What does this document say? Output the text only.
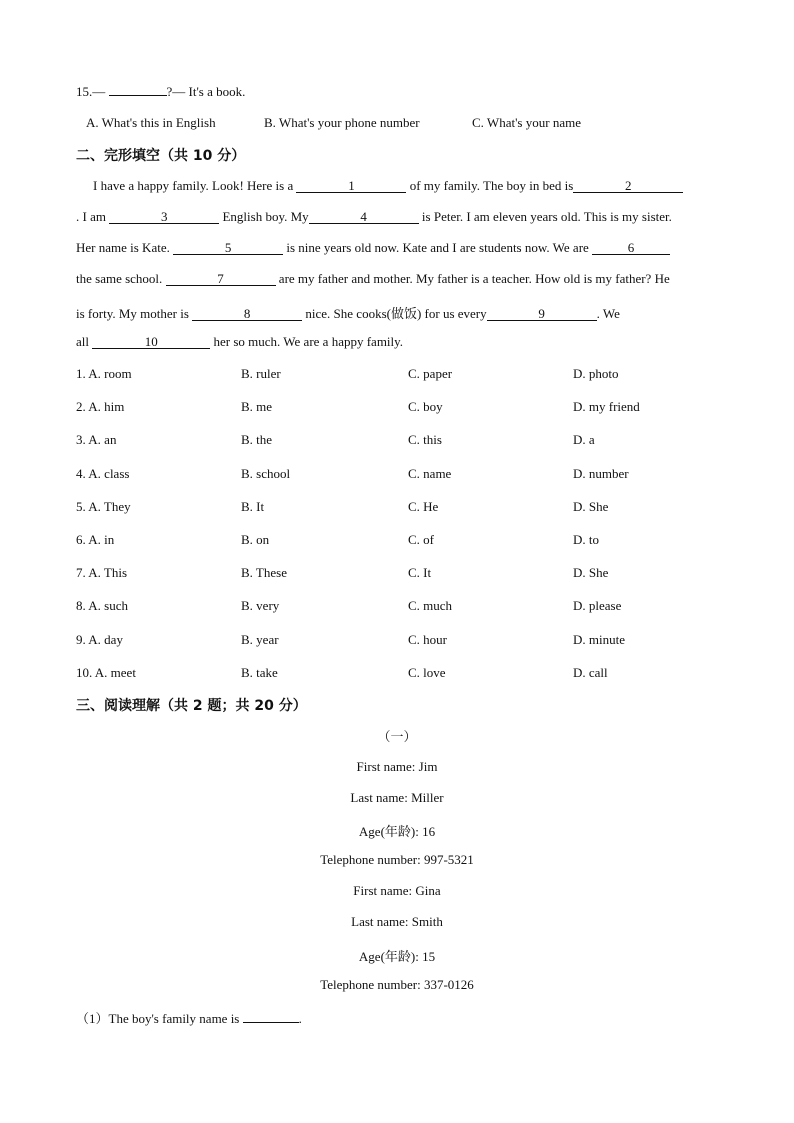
15.—	?— It's a book.
A. What's this in English	B. What's your phone number	C. What's your name
二、完形填空（共 10 分）
I have a happy family. Look! Here is a	1	of my family. The boy in bed is	2
. I am	3	English boy. My	4	is Peter. I am eleven years old. This is my sister.
Her name is Kate.	5	is nine years old now. Kate and I are students now. We are	6
the same school.	7	are my father and mother. My father is a teacher. How old is my father? He
is forty. My mother is	8	nice. She cooks(做饭) for us every	9	. We
all	10	her so much. We are a happy family.
1. A. room	B. ruler	C. paper	D. photo
2. A. him	B. me	C. boy	D. my friend
3. A. an	B. the	C. this	D. a
4. A. class	B. school	C. name	D. number
5. A. They	B. It	C. He	D. She
6. A. in	B. on	C. of	D. to
7. A. This	B. These	C. It	D. She
8. A. such	B. very	C. much	D. please
9. A. day	B. year	C. hour	D. minute
10. A. meet	B. take	C. love	D. call
三、阅读理解（共 2 题；共 20 分）
（一）
First name: Jim
Last name: Miller
Age(年龄): 16
Telephone number: 997-5321
First name: Gina
Last name: Smith
Age(年龄): 15
Telephone number: 337-0126
（1）The boy's family name is	.
